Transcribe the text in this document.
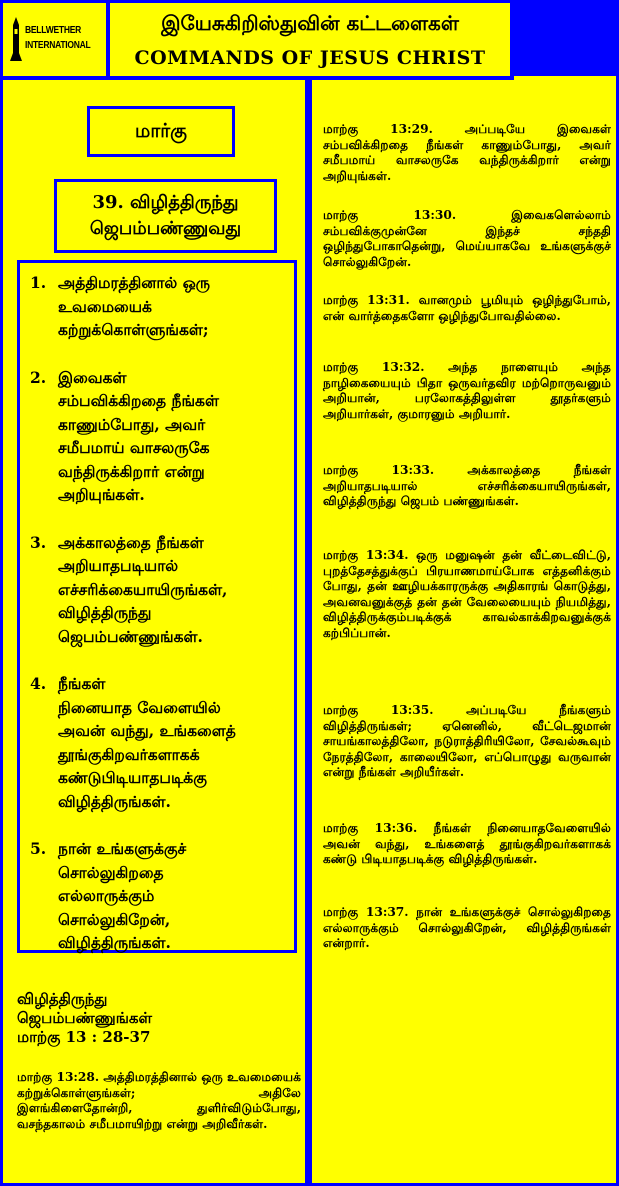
BELLWETHER
INTERNATIONAL
இயேசுகிறிஸ்துவின் கட்டளைகள்
COMMANDS OF JESUS CHRIST
மார்கு
39. விழித்திருந்து ஜெபம்பண்ணுவது
1. அத்திமரத்தினால் ஒரு
உவமையைக்
கற்றுக்கொள்ளுங்கள்;
2. இவைகள்
சம்பவிக்கிறதை நீங்கள்
காணும்போது, அவர்
சமீபமாய் வாசலருகே
வந்திருக்கிறார் என்று
அறியுங்கள்.
3. அக்காலத்தை நீங்கள்
அறியாதபடியால்
எச்சரிக்கையாயிருங்கள்,
விழித்திருந்து
ஜெபம்பண்ணுங்கள்.
4. நீங்கள்
நினையாத வேளையில்
அவன் வந்து, உங்களைத்
தூங்குகிறவர்களாகக்
கண்டுபிடியாதபடிக்கு
விழித்திருங்கள்.
5. நான் உங்களுக்குச்
சொல்லுகிறதை
எல்லாருக்கும்
சொல்லுகிறேன்,
விழித்திருங்கள்.
விழித்திருந்து
ஜெபம்பண்ணுங்கள்
மாற்கு 13 : 28-37
மாற்கு 13:28. அத்திமரத்தினால் ஒரு உவமையைக் கற்றுக்கொள்ளுங்கள்; அதிலே இளங்கிளைதோன்றி, துளிர்விடும்போது, வசந்தகாலம் சமீபமாயிற்று என்று அறிவீர்கள்.
மாற்கு 13:29. அப்படியே இவைகள் சம்பவிக்கிறதை நீங்கள் காணும்போது, அவர் சமீபமாய் வாசலருகே வந்திருக்கிறார் என்று அறியுங்கள்.
மாற்கு 13:30. இவைகளெல்லாம் சம்பவிக்குமுன்னே இந்தச் சந்ததி ஒழிந்துபோகாதென்று, மெய்யாகவே உங்களுக்குச் சொல்லுகிறேன்.
மாற்கு 13:31. வானமும் பூமியும் ஒழிந்துபோம், என் வார்த்தைகளோ ஒழிந்துபோவதில்லை.
மாற்கு 13:32. அந்த நாளையும் அந்த நாழிகையையும் பிதா ஒருவர்தவிர மற்றொருவனும் அறியான், பரலோகத்திலுள்ள தூதர்களும் அறியார்கள், குமாரனும் அறியார்.
மாற்கு 13:33. அக்காலத்தை நீங்கள் அறியாதபடியால் எச்சரிக்கையாயிருங்கள், விழித்திருந்து ஜெபம் பண்ணுங்கள்.
மாற்கு 13:34. ஒரு மனுஷன் தன் வீட்டைவிட்டு, புறத்தேசத்துக்குப் பிரயாணமாய்போக எத்தனிக்கும் போது, தன் ஊழியக்காரருக்கு அதிகாரங் கொடுத்து, அவனவனுக்குத் தன் தன் வேலையையும் நியமித்து, விழித்திருக்கும்படிக்குக் காவல்காக்கிறவனுக்குக் கற்பிப்பான்.
மாற்கு 13:35. அப்படியே நீங்களும் விழித்திருங்கள்; ஏனெனில், வீட்டெஜமான் சாயங்காலத்திலோ, நடுராத்திரியிலோ, சேவல்கூவும் நேரத்திலோ, காலையிலோ, எப்பொழுது வருவான் என்று நீங்கள் அறியீர்கள்.
மாற்கு 13:36. நீங்கள் நினையாதவேளையில் அவன் வந்து, உங்களைத் தூங்குகிறவர்களாகக் கண்டு பிடியாதபடிக்கு விழித்திருங்கள்.
மாற்கு 13:37. நான் உங்களுக்குச் சொல்லுகிறதை எல்லாருக்கும் சொல்லுகிறேன், விழித்திருங்கள் என்றார்.
